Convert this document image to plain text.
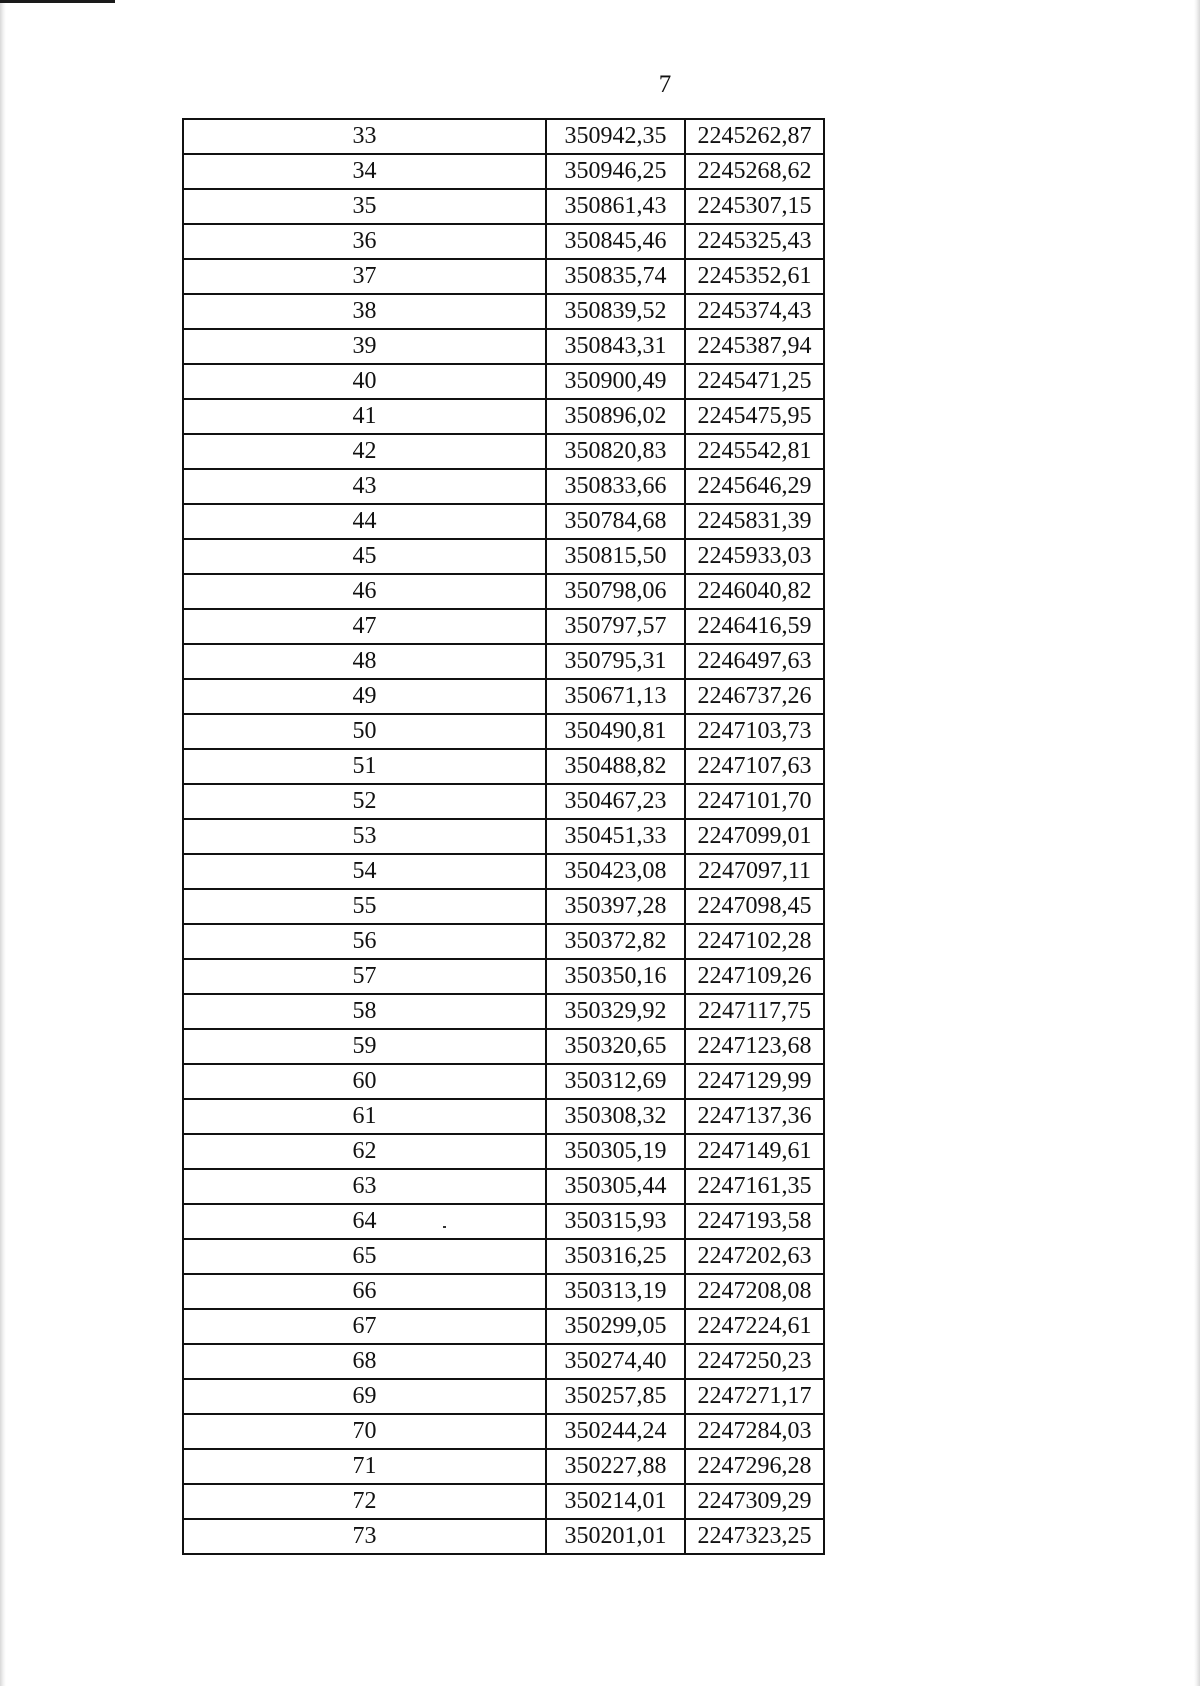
7
33	350942,35	2245262,87
34	350946,25	2245268,62
35	350861,43	2245307,15
36	350845,46	2245325,43
37	350835,74	2245352,61
38	350839,52	2245374,43
39	350843,31	2245387,94
40	350900,49	2245471,25
41	350896,02	2245475,95
42	350820,83	2245542,81
43	350833,66	2245646,29
44	350784,68	2245831,39
45	350815,50	2245933,03
46	350798,06	2246040,82
47	350797,57	2246416,59
48	350795,31	2246497,63
49	350671,13	2246737,26
50	350490,81	2247103,73
51	350488,82	2247107,63
52	350467,23	2247101,70
53	350451,33	2247099,01
54	350423,08	2247097,11
55	350397,28	2247098,45
56	350372,82	2247102,28
57	350350,16	2247109,26
58	350329,92	2247117,75
59	350320,65	2247123,68
60	350312,69	2247129,99
61	350308,32	2247137,36
62	350305,19	2247149,61
63	350305,44	2247161,35
64	350315,93	2247193,58
65	350316,25	2247202,63
66	350313,19	2247208,08
67	350299,05	2247224,61
68	350274,40	2247250,23
69	350257,85	2247271,17
70	350244,24	2247284,03
71	350227,88	2247296,28
72	350214,01	2247309,29
73	350201,01	2247323,25
